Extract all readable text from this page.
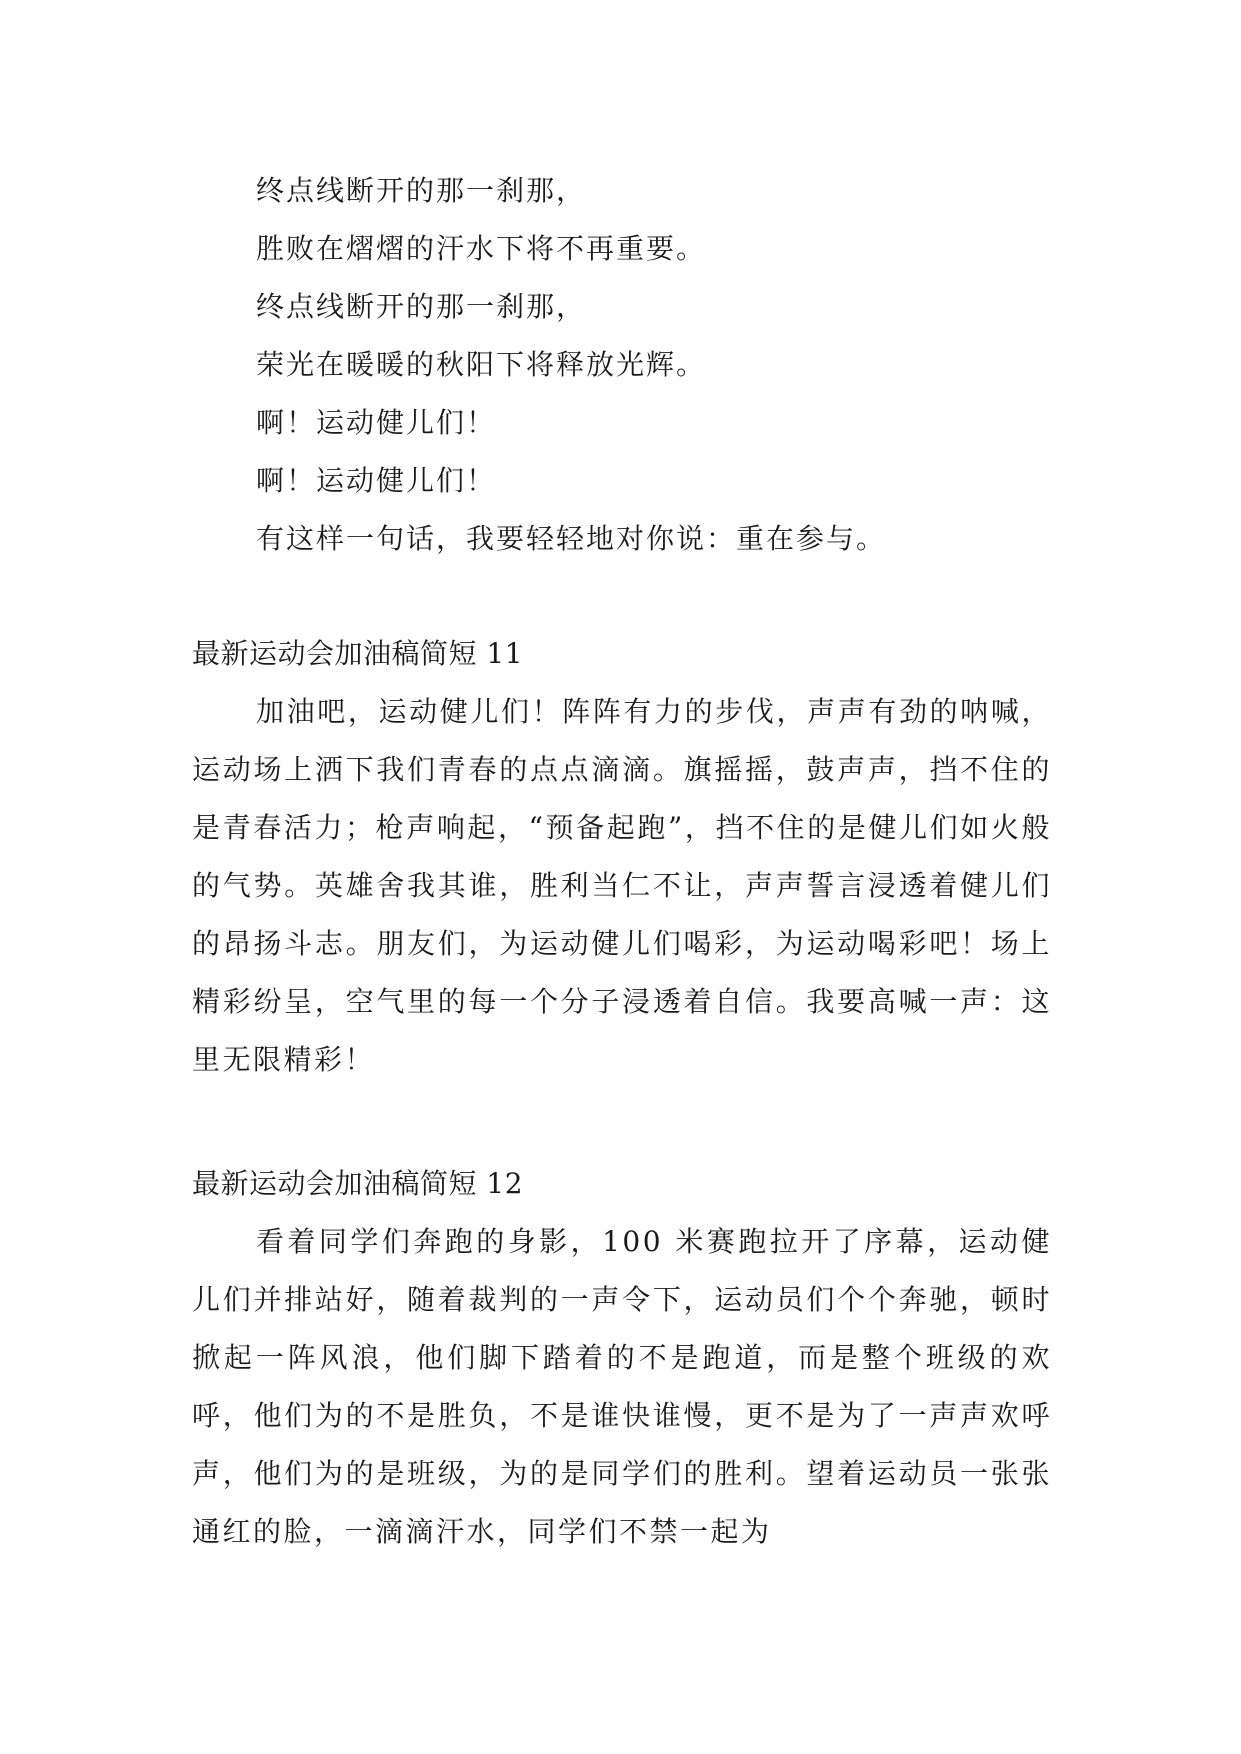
终点线断开的那一刹那，
胜败在熠熠的汗水下将不再重要。
终点线断开的那一刹那，
荣光在暖暖的秋阳下将释放光辉。
啊！运动健儿们！
啊！运动健儿们！
有这样一句话，我要轻轻地对你说：重在参与。
最新运动会加油稿简短 11

加油吧，运动健儿们！阵阵有力的步伐，声声有劲的呐喊，运动场上洒下我们青春的点点滴滴。旗摇摇，鼓声声，挡不住的是青春活力；枪声响起，“预备起跑”，挡不住的是健儿们如火般的气势。英雄舍我其谁，胜利当仁不让，声声誓言浸透着健儿们的昂扬斗志。朋友们，为运动健儿们喝彩，为运动喝彩吧！场上精彩纷呈，空气里的每一个分子浸透着自信。我要高喊一声：这里无限精彩！

最新运动会加油稿简短 12

看着同学们奔跑的身影，100 米赛跑拉开了序幕，运动健儿们并排站好，随着裁判的一声令下，运动员们个个奔驰，顿时掀起一阵风浪，他们脚下踏着的不是跑道，而是整个班级的欢呼，他们为的不是胜负，不是谁快谁慢，更不是为了一声声欢呼声，他们为的是班级，为的是同学们的胜利。望着运动员一张张通红的脸，一滴滴汗水，同学们不禁一起为
